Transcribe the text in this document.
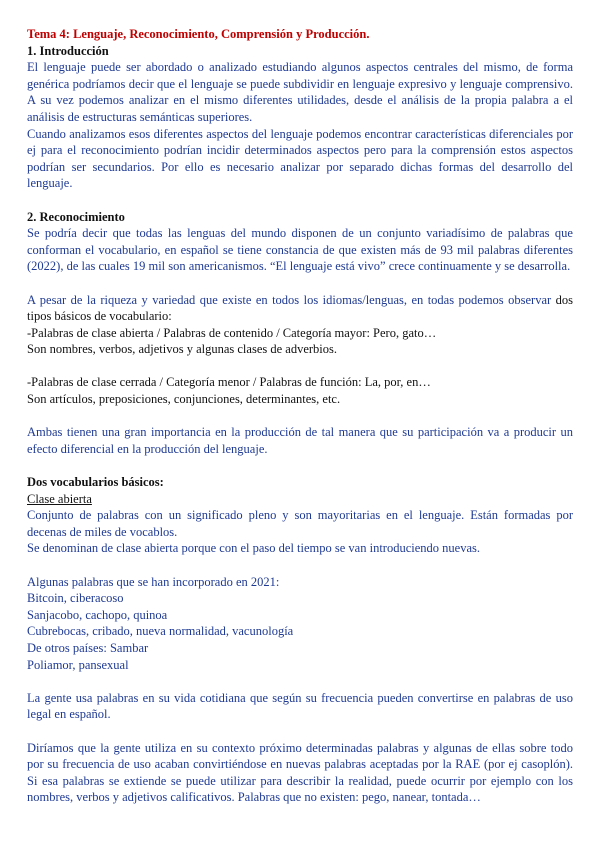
Tema 4: Lenguaje, Reconocimiento, Comprensión y Producción.

1. Introducción

El lenguaje puede ser abordado o analizado estudiando algunos aspectos centrales del mismo, de forma genérica podríamos decir que el lenguaje se puede subdividir en lenguaje expresivo y lenguaje comprensivo. A su vez podemos analizar en el mismo diferentes utilidades, desde el análisis de la propia palabra a el análisis de estructuras semánticas superiores.

Cuando analizamos esos diferentes aspectos del lenguaje podemos encontrar características diferenciales por ej para el reconocimiento podrían incidir determinados aspectos pero para la comprensión estos aspectos podrían ser secundarios. Por ello es necesario analizar por separado dichas formas del desarrollo del lenguaje.

2. Reconocimiento

Se podría decir que todas las lenguas del mundo disponen de un conjunto variadísimo de palabras que conforman el vocabulario, en español se tiene constancia de que existen más de 93 mil palabras diferentes (2022), de las cuales 19 mil son americanismos. “El lenguaje está vivo” crece continuamente y se desarrolla.

A pesar de la riqueza y variedad que existe en todos los idiomas/lenguas, en todas podemos observar dos tipos básicos de vocabulario:

-Palabras de clase abierta / Palabras de contenido / Categoría mayor: Pero, gato…

Son nombres, verbos, adjetivos y algunas clases de adverbios.

-Palabras de clase cerrada / Categoría menor / Palabras de función: La, por, en…

Son artículos, preposiciones, conjunciones, determinantes, etc.

Ambas tienen una gran importancia en la producción de tal manera que su participación va a producir un efecto diferencial en la producción del lenguaje.

Dos vocabularios básicos:

Clase abierta

Conjunto de palabras con un significado pleno y son mayoritarias en el lenguaje. Están formadas por decenas de miles de vocablos.

Se denominan de clase abierta porque con el paso del tiempo se van introduciendo nuevas.

Algunas palabras que se han incorporado en 2021:

Bitcoin, ciberacoso

Sanjacobo, cachopo, quinoa

Cubrebocas, cribado, nueva normalidad, vacunología

De otros países: Sambar

Poliamor, pansexual

La gente usa palabras en su vida cotidiana que según su frecuencia pueden convertirse en palabras de uso legal en español.

Diríamos que la gente utiliza en su contexto próximo determinadas palabras y algunas de ellas sobre todo por su frecuencia de uso acaban convirtiéndose en nuevas palabras aceptadas por la RAE (por ej casoplón). Si esa palabras se extiende se puede utilizar para describir la realidad, puede ocurrir por ejemplo con los nombres, verbos y adjetivos calificativos. Palabras que no existen: pego, nanear, tontada…
